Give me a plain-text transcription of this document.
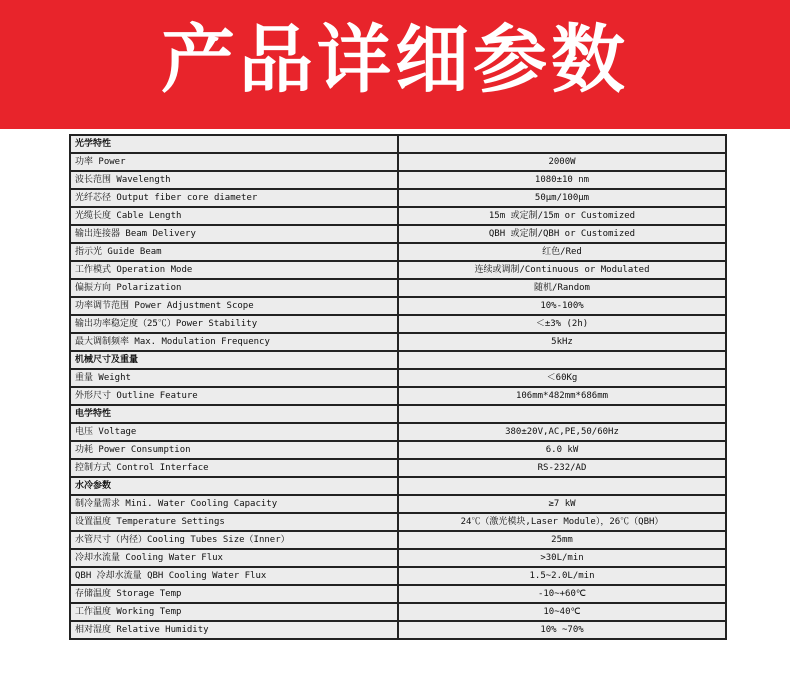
产品详细参数
光学特性	
功率 Power	2000W
波长范围 Wavelength	1080±10 nm
光纤芯径 Output fiber core diameter	50μm/100μm
光缆长度 Cable Length	15m 或定制/15m or Customized
输出连接器 Beam Delivery	QBH 或定制/QBH or Customized
指示光 Guide Beam	红色/Red
工作模式 Operation Mode	连续或调制/Continuous or Modulated
偏振方向 Polarization	随机/Random
功率调节范围 Power Adjustment Scope	10%-100%
输出功率稳定度（25℃）Power Stability	＜±3% (2h)
最大调制频率 Max. Modulation Frequency	5kHz
机械尺寸及重量	
重量 Weight	＜60Kg
外形尺寸 Outline Feature	106mm*482mm*686mm
电学特性	
电压 Voltage	380±20V,AC,PE,50/60Hz
功耗 Power Consumption	6.0 kW
控制方式 Control Interface	RS-232/AD
水冷参数	
制冷量需求 Mini. Water Cooling Capacity	≥7 kW
设置温度 Temperature Settings	24℃（激光模块,Laser Module），26℃（QBH）
水管尺寸（内径）Cooling Tubes Size（Inner）	25mm
冷却水流量 Cooling Water Flux	>30L/min
QBH 冷却水流量 QBH Cooling Water Flux	1.5~2.0L/min
存储温度 Storage Temp	-10~+60℃
工作温度 Working Temp	10~40℃
相对湿度 Relative Humidity	10% ~70%
